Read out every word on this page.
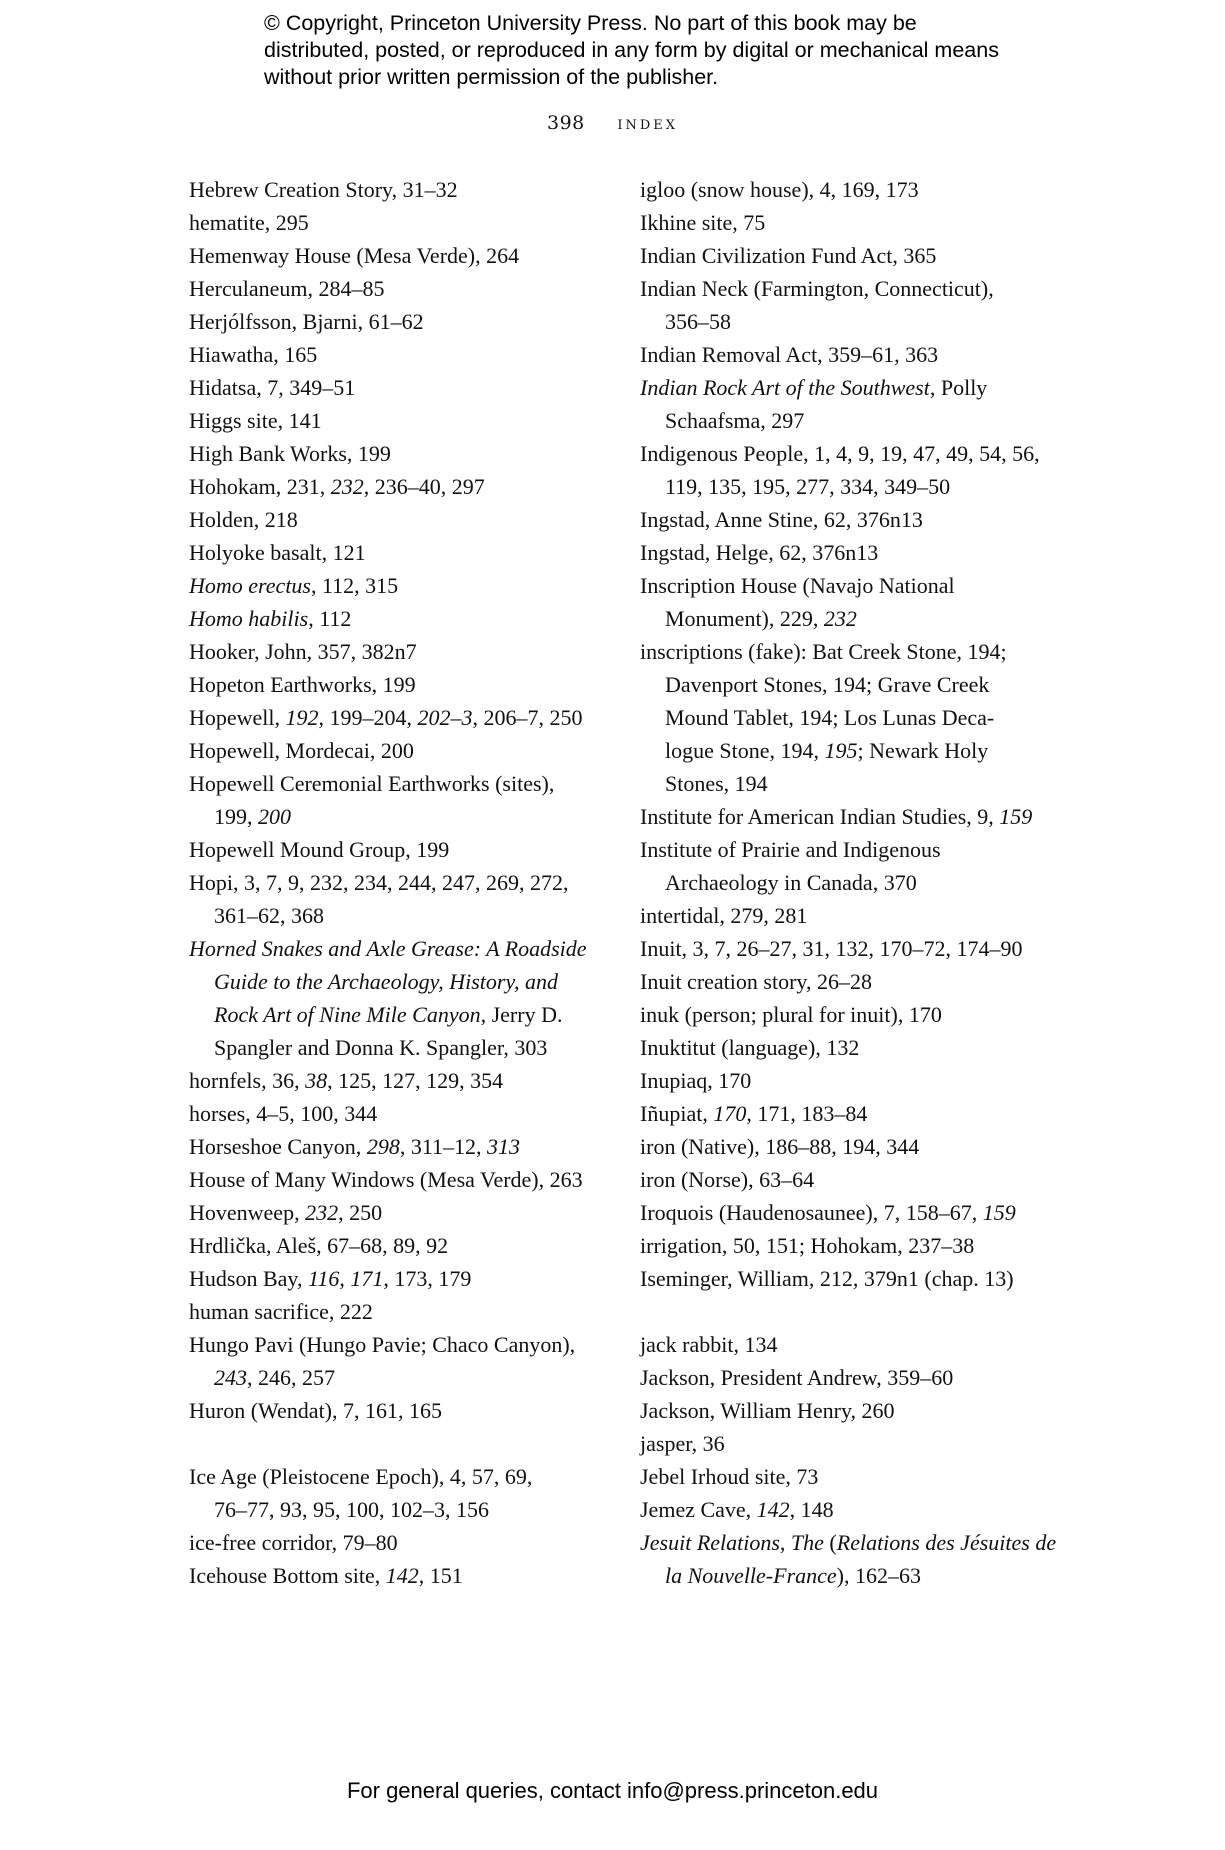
© Copyright, Princeton University Press. No part of this book may be distributed, posted, or reproduced in any form by digital or mechanical means without prior written permission of the publisher.
398 index
Hebrew Creation Story, 31–32
hematite, 295
Hemenway House (Mesa Verde), 264
Herculaneum, 284–85
Herjólfsson, Bjarni, 61–62
Hiawatha, 165
Hidatsa, 7, 349–51
Higgs site, 141
High Bank Works, 199
Hohokam, 231, 232, 236–40, 297
Holden, 218
Holyoke basalt, 121
Homo erectus, 112, 315
Homo habilis, 112
Hooker, John, 357, 382n7
Hopeton Earthworks, 199
Hopewell, 192, 199–204, 202–3, 206–7, 250
Hopewell, Mordecai, 200
Hopewell Ceremonial Earthworks (sites),
199, 200
Hopewell Mound Group, 199
Hopi, 3, 7, 9, 232, 234, 244, 247, 269, 272,
361–62, 368
Horned Snakes and Axle Grease: A Roadside
Guide to the Archaeology, History, and
Rock Art of Nine Mile Canyon, Jerry D.
Spangler and Donna K. Spangler, 303
hornfels, 36, 38, 125, 127, 129, 354
horses, 4–5, 100, 344
Horseshoe Canyon, 298, 311–12, 313
House of Many Windows (Mesa Verde), 263
Hovenweep, 232, 250
Hrdlička, Aleš, 67–68, 89, 92
Hudson Bay, 116, 171, 173, 179
human sacrifice, 222
Hungo Pavi (Hungo Pavie; Chaco Canyon),
243, 246, 257
Huron (Wendat), 7, 161, 165
Ice Age (Pleistocene Epoch), 4, 57, 69,
76–77, 93, 95, 100, 102–3, 156
ice-free corridor, 79–80
Icehouse Bottom site, 142, 151
igloo (snow house), 4, 169, 173
Ikhine site, 75
Indian Civilization Fund Act, 365
Indian Neck (Farmington, Connecticut),
356–58
Indian Removal Act, 359–61, 363
Indian Rock Art of the Southwest, Polly
Schaafsma, 297
Indigenous People, 1, 4, 9, 19, 47, 49, 54, 56,
119, 135, 195, 277, 334, 349–50
Ingstad, Anne Stine, 62, 376n13
Ingstad, Helge, 62, 376n13
Inscription House (Navajo National
Monument), 229, 232
inscriptions (fake): Bat Creek Stone, 194;
Davenport Stones, 194; Grave Creek
Mound Tablet, 194; Los Lunas Deca-
logue Stone, 194, 195; Newark Holy
Stones, 194
Institute for American Indian Studies, 9, 159
Institute of Prairie and Indigenous
Archaeology in Canada, 370
intertidal, 279, 281
Inuit, 3, 7, 26–27, 31, 132, 170–72, 174–90
Inuit creation story, 26–28
inuk (person; plural for inuit), 170
Inuktitut (language), 132
Inupiaq, 170
Iñupiat, 170, 171, 183–84
iron (Native), 186–88, 194, 344
iron (Norse), 63–64
Iroquois (Haudenosaunee), 7, 158–67, 159
irrigation, 50, 151; Hohokam, 237–38
Iseminger, William, 212, 379n1 (chap. 13)
jack rabbit, 134
Jackson, President Andrew, 359–60
Jackson, William Henry, 260
jasper, 36
Jebel Irhoud site, 73
Jemez Cave, 142, 148
Jesuit Relations, The (Relations des Jésuites de
la Nouvelle-France), 162–63
For general queries, contact info@press.princeton.edu
